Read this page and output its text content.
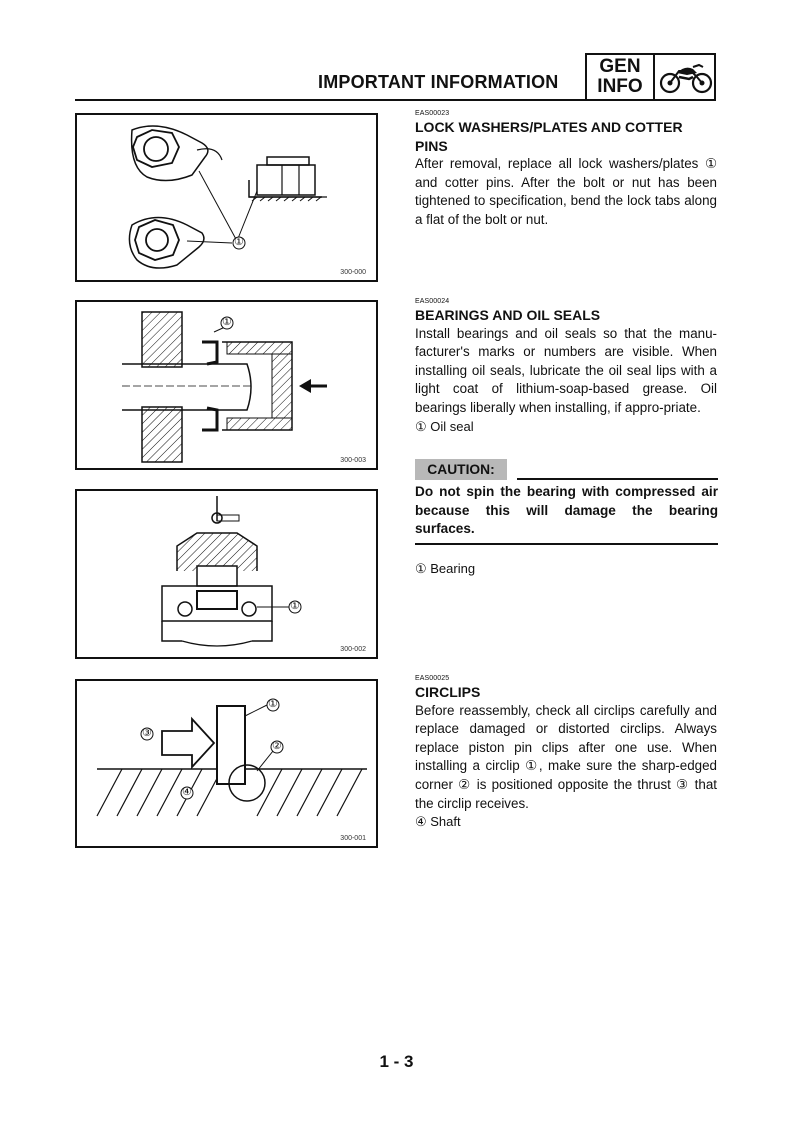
IMPORTANT INFORMATION
GEN
INFO
①
300-000
①
300-003
①
300-002
①
②
③
④
300-001
EAS00023
LOCK WASHERS/PLATES AND COTTER
PINS
After removal, replace all lock washers/plates ① and cotter pins. After the bolt or nut has been tightened to specification, bend the lock tabs along a flat of the bolt or nut.
EAS00024
BEARINGS AND OIL SEALS
Install bearings and oil seals so that the manu-facturer's marks or numbers are visible. When installing oil seals, lubricate the oil seal lips with a light coat of lithium-soap-based grease. Oil bearings liberally when installing, if appro-priate.
① Oil seal
CAUTION:
Do not spin the bearing with compressed air because this will damage the bearing surfaces.
① Bearing
EAS00025
CIRCLIPS
Before reassembly, check all circlips carefully and replace damaged or distorted circlips. Always replace piston pin clips after one use. When installing a circlip ①, make sure the sharp-edged corner ② is positioned opposite the thrust ③ that the circlip receives.
④ Shaft
1 - 3
